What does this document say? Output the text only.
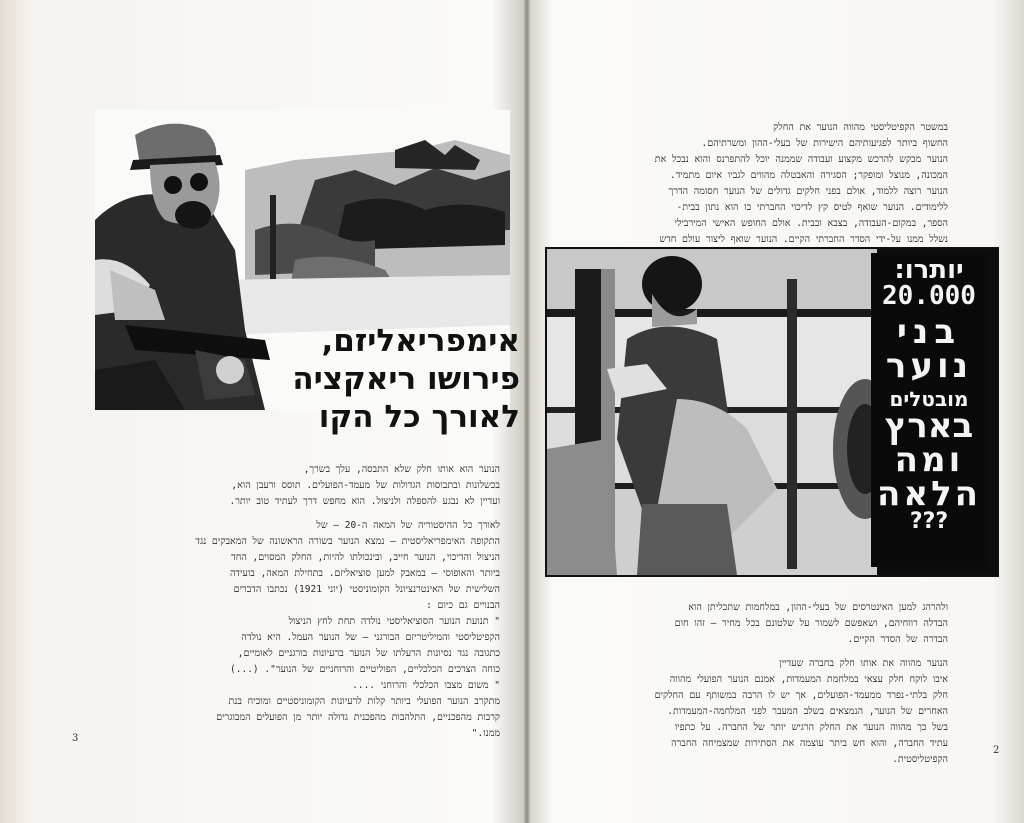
אימפריאליזם,
פירושו ריאקציה
לאורך כל הקו

הנוער הוא אותו חלק שלא התבסה, עלך בשרך,
בכשלונות ובתבוסות הגדולות של מעמד-הפועלים. תוסס ורעבן הוא,
ועדיין לא נבגע להספלה ולניצול. הוא מחפש דרך לעתיד טוב יותר.

לאורך כל ההיסטוריה של המאה ה-20 – של
התקופה האימפריאליסטית – נמצא הנוער בשורה הראשונה של המאבקים נגד
הניצול והדיכוי, הנוער חייב, ובינכולתו להיות, החלק המסוים, החד
ביותר והאופוסי – במאבק למען סוציאליזם. בתחילת המאה, בועידה
השלישית של האינטרנציונל הקומוניסטי (יוני 1921) נכתבו הדברים
הבנויים גם כיום :
" תנועת הנוער הסוציאליסטי נולדה תחת לחץ הניצול
הקפיטליסטי והמיליטריזם הבורגני – של הנוער העמל. היא נולדה
כתגובה נגד נסיונות הרעלתו של הנוער ברעיונות בורגניים לאומיים,
כוחה הצרכים הכלכליים, הפוליטיים והרוחניים של הנוער". (...)
" משום מצבו הכלכלי והרוחני ....
מתקרב הנוער הפועלי ביותר קלות לרעיונות הקומוניסטיים ומוכיח בנת
קרבות מהפכניים, התלהבות מהפכנית גדולה יותר מן הפועלים המבוגרים
ממנו."

3

במשטר הקפיטליסטי מהווה הנוער את החלק
החשוף ביותר לפגיעותיהם הישירות של בעלי-ההון ומשרתיהם.
הנוער מבקש להרכש מקצוע ועבודה שממנה יוכל להתפרנס והוא נבכל את
המכונה, מנוצל ומופקר; הסגירה והאבטלה מהווים לגביו איום מתמיד.
הנוער רוצה ללמוד, אולם בפני חלקים גדולים של הנוער חסומה הדרך
ללימודים. הנוער שואף לטיס קץ לדיכוי החברתי בו הוא נתון בבית-
הספר, במקום-העבודה, בצבא ובבית. אולם החופש האישי המירבילי
נשלל ממנו על-ידי הסדר החברתי הקיים. הנוער שואף ליצור עולם חדש

יותרו:
20.000
בני
נוער
מובטלים
בארץ
ומה
הלאה
???

ולהרהג למען האינטרסים של בעלי-ההון, במלחמות שתכליתן הוא
הבדלה רווחיהם, ושאפשם לשמור על שלטונם בכל מחיר – זהו חום
הבדרה של הסדר הקיים.

הנוער מהווה את אותו חלק בחברה שעדיין
איבו לוקח חלק עצאי במלחמת המעמדות, אמנם הנוער הפועלי מהווה
חלק בלתי-נפרד ממעמד-הפועלים, אך יש לו הרבה במשותף עם החלקים
האחרים של הנוער, הנמצאים בשלב המעבר לפני המלחמה-המעמדות.
בשל כך מהווה הנוער את החלק הרגיש יותר של החברה. על כתפיו
עתיד החברה, והוא חש ביתר עוצמה את הסתירות שמצמיחה החברה
הקפיטליסטית.

2
